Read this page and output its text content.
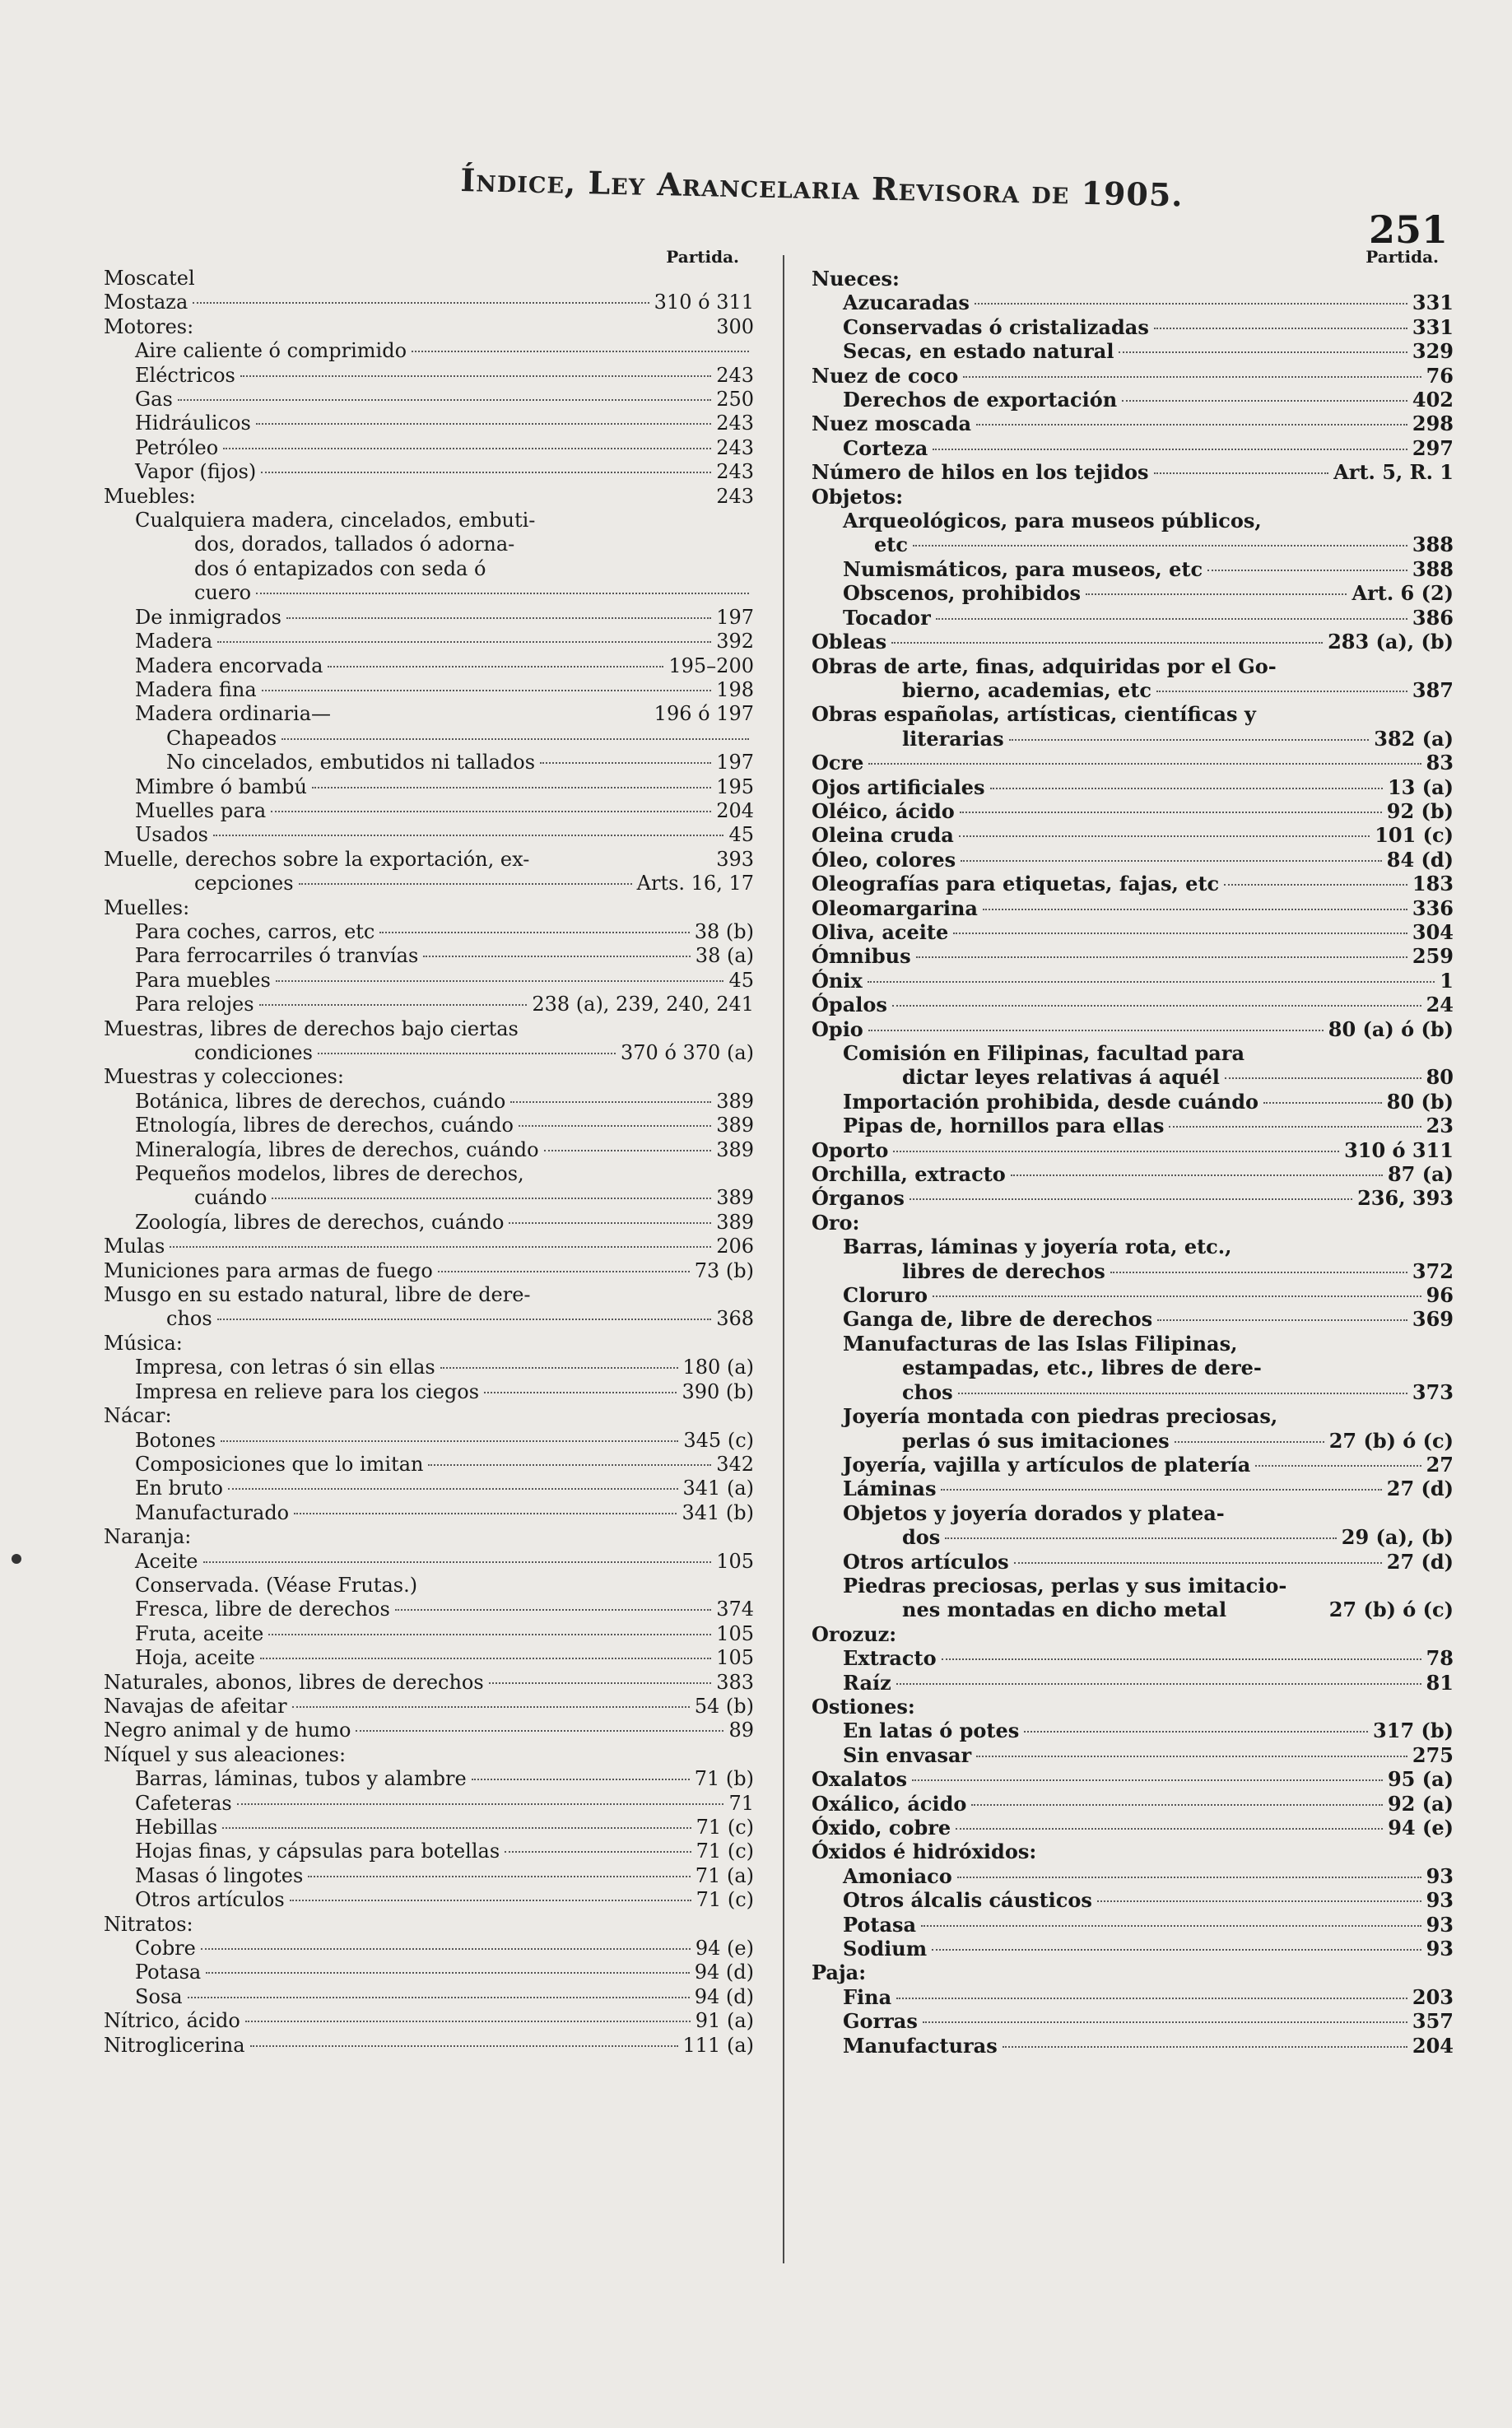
Índice, Ley Arancelaria Revisora de 1905.
251
Partida.
Moscatel
Mostaza	310 ó 311
Motores:	300
Aire caliente ó comprimido
Eléctricos	243
Gas	250
Hidráulicos	243
Petróleo	243
Vapor (fijos)	243
Muebles:	243
Cualquiera madera, cincelados, embuti-
dos, dorados, tallados ó adorna-
dos ó entapizados con seda ó
cuero
De inmigrados	197
Madera	392
Madera encorvada	195–200
Madera fina	198
Madera ordinaria—	196 ó 197
Chapeados
No cincelados, embutidos ni tallados	197
Mimbre ó bambú	195
Muelles para	204
Usados	45
Muelle, derechos sobre la exportación, ex-	393
cepciones	Arts. 16, 17
Muelles:
Para coches, carros, etc	38 (b)
Para ferrocarriles ó tranvías	38 (a)
Para muebles	45
Para relojes	238 (a), 239, 240, 241
Muestras, libres de derechos bajo ciertas
condiciones	370 ó 370 (a)
Muestras y colecciones:
Botánica, libres de derechos, cuándo	389
Etnología, libres de derechos, cuándo	389
Mineralogía, libres de derechos, cuándo	389
Pequeños modelos, libres de derechos,
cuándo	389
Zoología, libres de derechos, cuándo	389
Mulas	206
Municiones para armas de fuego	73 (b)
Musgo en su estado natural, libre de dere-
chos	368
Música:
Impresa, con letras ó sin ellas	180 (a)
Impresa en relieve para los ciegos	390 (b)
Nácar:
Botones	345 (c)
Composiciones que lo imitan	342
En bruto	341 (a)
Manufacturado	341 (b)
Naranja:
Aceite	105
Conservada. (Véase Frutas.)
Fresca, libre de derechos	374
Fruta, aceite	105
Hoja, aceite	105
Naturales, abonos, libres de derechos	383
Navajas de afeitar	54 (b)
Negro animal y de humo	89
Níquel y sus aleaciones:
Barras, láminas, tubos y alambre	71 (b)
Cafeteras	71
Hebillas	71 (c)
Hojas finas, y cápsulas para botellas	71 (c)
Masas ó lingotes	71 (a)
Otros artículos	71 (c)
Nitratos:
Cobre	94 (e)
Potasa	94 (d)
Sosa	94 (d)
Nítrico, ácido	91 (a)
Nitroglicerina	111 (a)
Partida.
Nueces:
Azucaradas	331
Conservadas ó cristalizadas	331
Secas, en estado natural	329
Nuez de coco	76
Derechos de exportación	402
Nuez moscada	298
Corteza	297
Número de hilos en los tejidos	Art. 5, R. 1
Objetos:
Arqueológicos, para museos públicos,
etc	388
Numismáticos, para museos, etc	388
Obscenos, prohibidos	Art. 6 (2)
Tocador	386
Obleas	283 (a), (b)
Obras de arte, finas, adquiridas por el Go-
bierno, academias, etc	387
Obras españolas, artísticas, científicas y
literarias	382 (a)
Ocre	83
Ojos artificiales	13 (a)
Oléico, ácido	92 (b)
Oleina cruda	101 (c)
Óleo, colores	84 (d)
Oleografías para etiquetas, fajas, etc	183
Oleomargarina	336
Oliva, aceite	304
Ómnibus	259
Ónix	1
Ópalos	24
Opio	80 (a) ó (b)
Comisión en Filipinas, facultad para
dictar leyes relativas á aquél	80
Importación prohibida, desde cuándo	80 (b)
Pipas de, hornillos para ellas	23
Oporto	310 ó 311
Orchilla, extracto	87 (a)
Órganos	236, 393
Oro:
Barras, láminas y joyería rota, etc.,
libres de derechos	372
Cloruro	96
Ganga de, libre de derechos	369
Manufacturas de las Islas Filipinas,
estampadas, etc., libres de dere-
chos	373
Joyería montada con piedras preciosas,
perlas ó sus imitaciones	27 (b) ó (c)
Joyería, vajilla y artículos de platería	27
Láminas	27 (d)
Objetos y joyería dorados y platea-
dos	29 (a), (b)
Otros artículos	27 (d)
Piedras preciosas, perlas y sus imitacio-
nes montadas en dicho metal	27 (b) ó (c)
Orozuz:
Extracto	78
Raíz	81
Ostiones:
En latas ó potes	317 (b)
Sin envasar	275
Oxalatos	95 (a)
Oxálico, ácido	92 (a)
Óxido, cobre	94 (e)
Óxidos é hidróxidos:
Amoniaco	93
Otros álcalis cáusticos	93
Potasa	93
Sodium	93
Paja:
Fina	203
Gorras	357
Manufacturas	204
